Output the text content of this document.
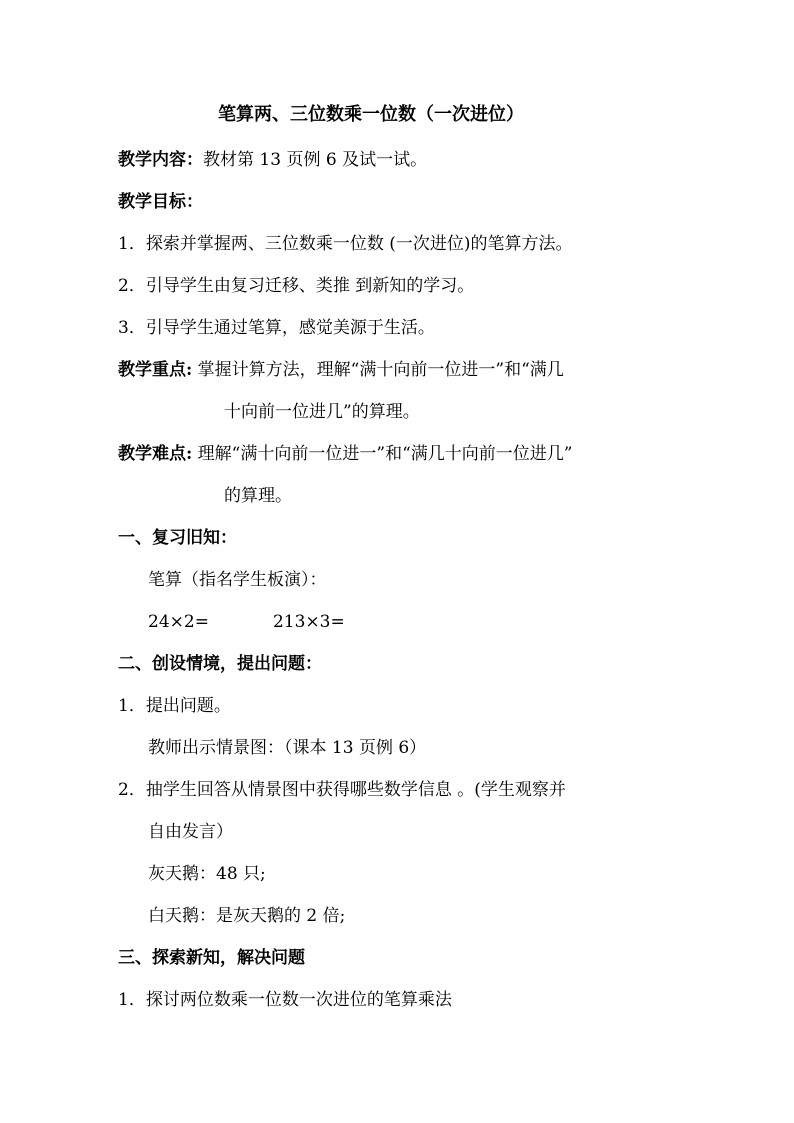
笔算两、三位数乘一位数（一次进位）
教学内容：教材第 13 页例 6 及试一试。
教学目标：
1．探索并掌握两、三位数乘一位数 (一次进位)的笔算方法。
2．引导学生由复习迁移、类推 到新知的学习。
3．引导学生通过笔算，感觉美源于生活。
教学重点: 掌握计算方法，理解“满十向前一位进一”和“满几
十向前一位进几”的算理。
教学难点: 理解“满十向前一位进一”和“满几十向前一位进几”
的算理。
一、复习旧知：
笔算（指名学生板演）：
24×2=	213×3=
二、创设情境，提出问题：
1．提出问题。
教师出示情景图：（课本 13 页例 6）
2．抽学生回答从情景图中获得哪些数学信息 。(学生观察并
自由发言）
灰天鹅：48 只;
白天鹅：是灰天鹅的 2 倍;
三、探索新知，解决问题
1．探讨两位数乘一位数一次进位的笔算乘法
